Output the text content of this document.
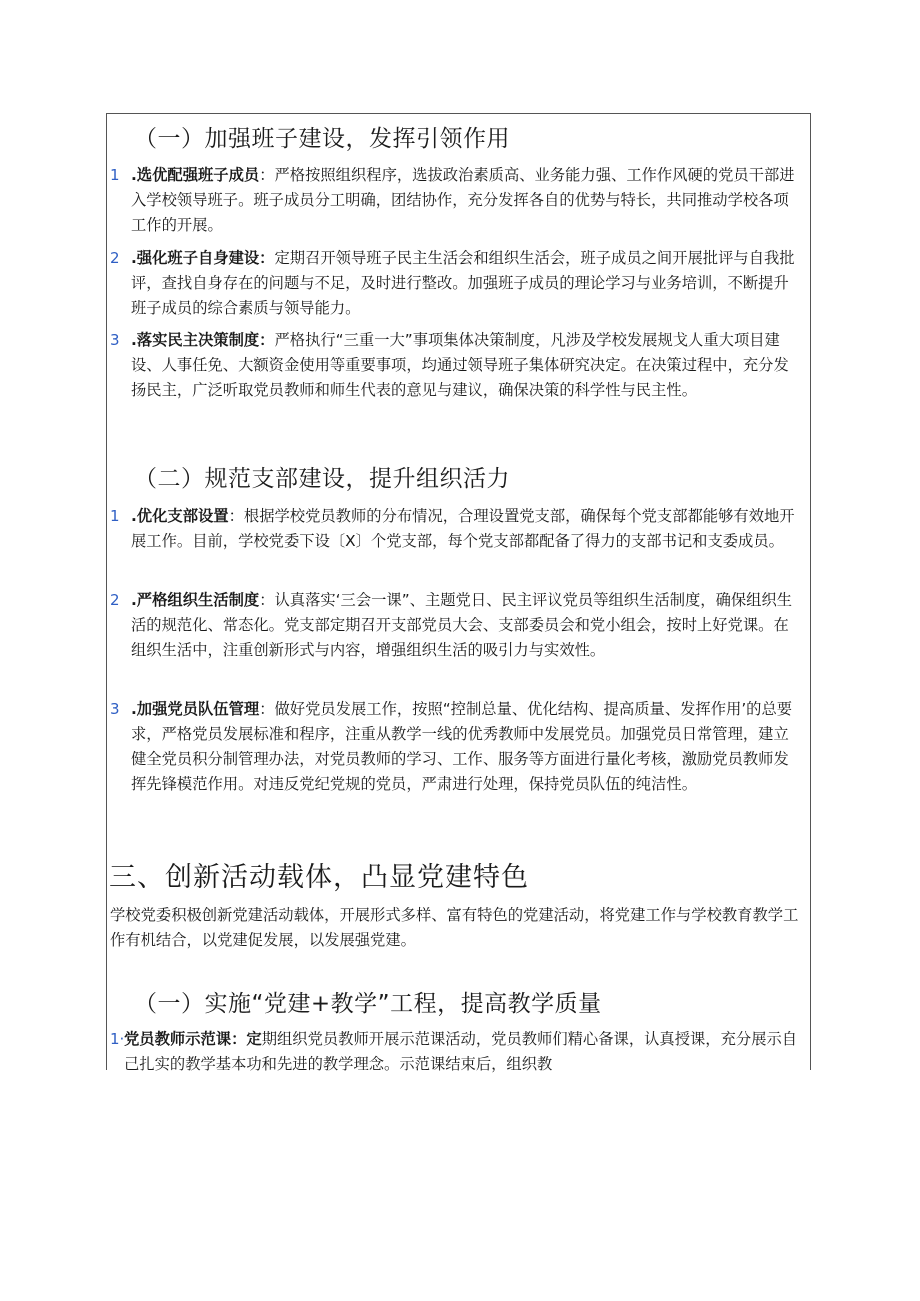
（一）加强班子建设，发挥引领作用
1 .选优配强班子成员：严格按照组织程序，选拔政治素质高、业务能力强、工作作风硬的党员干部进入学校领导班子。班子成员分工明确，团结协作，充分发挥各自的优势与特长，共同推动学校各项工作的开展。
2 .强化班子自身建设：定期召开领导班子民主生活会和组织生活会，班子成员之间开展批评与自我批评，查找自身存在的问题与不足，及时进行整改。加强班子成员的理论学习与业务培训，不断提升班子成员的综合素质与领导能力。
3 .落实民主决策制度：严格执行“三重一大”事项集体决策制度，凡涉及学校发展规戈人重大项目建设、人事任免、大额资金使用等重要事项，均通过领导班子集体研究决定。在决策过程中，充分发扬民主，广泛听取党员教师和师生代表的意见与建议，确保决策的科学性与民主性。
（二）规范支部建设，提升组织活力
1 .优化支部设置：根据学校党员教师的分布情况，合理设置党支部，确保每个党支部都能够有效地开展工作。目前，学校党委下设〔X〕个党支部，每个党支部都配备了得力的支部书记和支委成员。
2 .严格组织生活制度：认真落实‘三会一课”、主题党日、民主评议党员等组织生活制度，确保组织生活的规范化、常态化。党支部定期召开支部党员大会、支部委员会和党小组会，按时上好党课。在组织生活中，注重创新形式与内容，增强组织生活的吸引力与实效性。
3 .加强党员队伍管理：做好党员发展工作，按照“控制总量、优化结构、提高质量、发挥作用’的总要求，严格党员发展标准和程序，注重从教学一线的优秀教师中发展党员。加强党员日常管理，建立健全党员积分制管理办法，对党员教师的学习、工作、服务等方面进行量化考核，激励党员教师发挥先锋模范作用。对违反党纪党规的党员，严肃进行处理，保持党员队伍的纯洁性。
三、创新活动载体，凸显党建特色
学校党委积极创新党建活动载体，开展形式多样、富有特色的党建活动，将党建工作与学校教育教学工作有机结合，以党建促发展，以发展强党建。
（一）实施“党建+教学”工程，提高教学质量
1· 党员教师示范课：定期组织党员教师开展示范课活动，党员教师们精心备课，认真授课，充分展示自己扎实的教学基本功和先进的教学理念。示范课结束后，组织教
